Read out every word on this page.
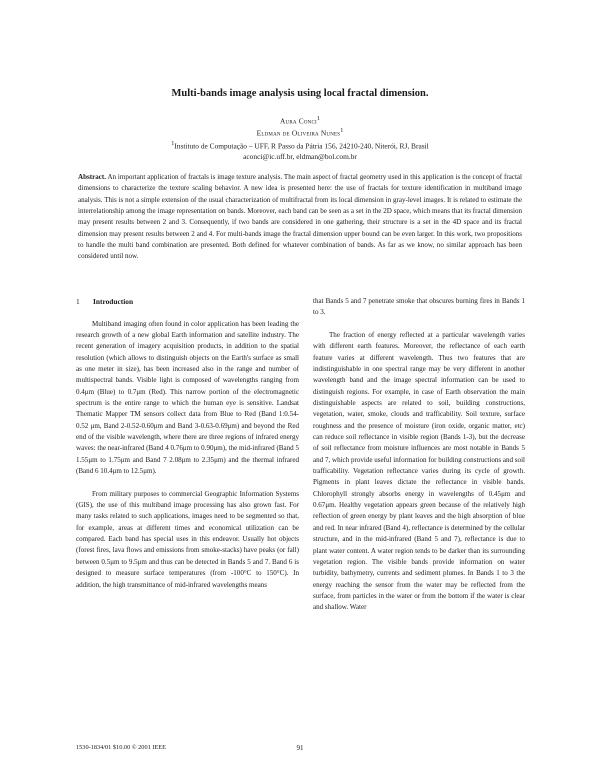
Multi-bands image analysis using local fractal dimension.
Aura Conci$^1$
Eldman de Oliveira Nunes$^1$
$^1$Instituto de Computação – UFF, R Passo da Pátria 156, 24210-240, Niterói, RJ, Brasil
aconci@ic.uff.br, eldman@bol.com.br
Abstract. An important application of fractals is image texture analysis. The main aspect of fractal geometry used in this application is the concept of fractal dimensions to characterize the texture scaling behavior. A new idea is presented here: the use of fractals for texture identification in multiband image analysis. This is not a simple extension of the usual characterization of multifractal from its local dimension in gray-level images. It is related to estimate the interrelationship among the image representation on bands. Moreover, each band can be seen as a set in the 2D space, which means that its fractal dimension may present results between 2 and 3. Consequently, if two bands are considered in one gathering, their structure is a set in the 4D space and its fractal dimension may present results between 2 and 4. For multi-bands image the fractal dimension upper bound can be even larger. In this work, two propositions to handle the multi band combination are presented. Both defined for whatever combination of bands. As far as we know, no similar approach has been considered until now.

1 Introduction

Multiband imaging often found in color application has been leading the research growth of a new global Earth information and satellite industry. The recent generation of imagery acquisition products, in addition to the spatial resolution (which allows to distinguish objects on the Earth's surface as small as one meter in size), has been increased also in the range and number of multispectral bands. Visible light is composed of wavelengths ranging from 0.4μm (Blue) to 0.7μm (Red). This narrow portion of the electromagnetic spectrum is the entire range to which the human eye is sensitive. Landsat Thematic Mapper TM sensors collect data from Blue to Red (Band 1:0.54-0.52 μm, Band 2-0.52-0.60μm and Band 3-0.63-0.69μm) and beyond the Red end of the visible wavelength, where there are three regions of infrared energy waves: the near-infrared (Band 4 0.76μm to 0.90μm), the mid-infrared (Band 5 1.55μm to 1.75μm and Band 7 2.08μm to 2.35μm) and the thermal infrared (Band 6 10.4μm to 12.5μm).

From military purposes to commercial Geographic Information Systems (GIS), the use of this multiband image processing has also grown fast. For many tasks related to such applications, images need to be segmented so that, for example, areas at different times and economical utilization can be compared. Each band has special uses in this endeavor. Usually hot objects (forest fires, lava flows and emissions from smoke-stacks) have peaks (or fall) between 0.5μm to 9.5μm and thus can be detected in Bands 5 and 7. Band 6 is designed to measure surface temperatures (from -100°C to 150°C). In addition, the high transmittance of mid-infrared wavelengths means

that Bands 5 and 7 penetrate smoke that obscures burning fires in Bands 1 to 3.

The fraction of energy reflected at a particular wavelength varies with different earth features. Moreover, the reflectance of each earth feature varies at different wavelength. Thus two features that are indistinguishable in one spectral range may be very different in another wavelength band and the image spectral information can be used to distinguish regions. For example, in case of Earth observation the main distinguishable aspects are related to soil, building constructions, vegetation, water, smoke, clouds and trafficability. Soil texture, surface roughness and the presence of moisture (iron oxide, organic matter, etc) can reduce soil reflectance in visible region (Bands 1-3), but the decrease of soil reflectance from moisture influences are most notable in Bands 5 and 7, which provide useful information for building constructions and soil trafficability. Vegetation reflectance varies during its cycle of growth. Pigments in plant leaves dictate the reflectance in visible bands. Chlorophyll strongly absorbs energy in wavelengths of 0.45μm and 0.67μm. Healthy vegetation appears green because of the relatively high reflection of green energy by plant leaves and the high absorption of blue and red. In near infrared (Band 4), reflectance is determined by the cellular structure, and in the mid-infrared (Band 5 and 7), reflectance is due to plant water content. A water region tends to be darker than its surrounding vegetation region. The visible bands provide information on water turbidity, bathymetry, currents and sediment plumes. In Bands 1 to 3 the energy reaching the sensor from the water may be reflected from the surface, from particles in the water or from the bottom if the water is clear and shallow. Water

1530-1834/01 $10.00 © 2001 IEEE	91
